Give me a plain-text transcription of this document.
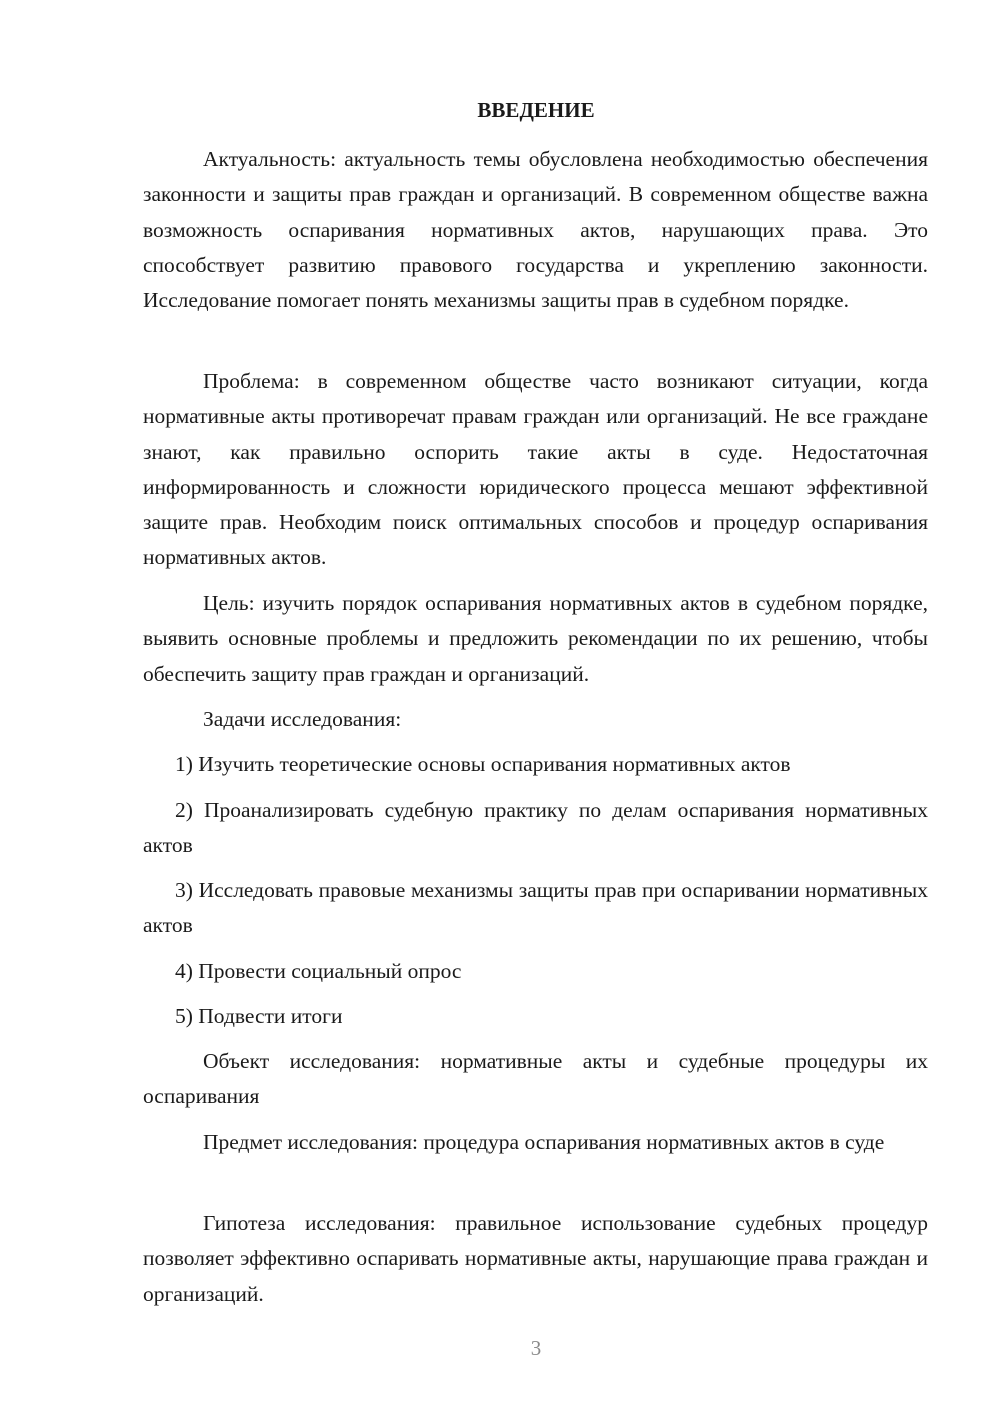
ВВЕДЕНИЕ

Актуальность: актуальность темы обусловлена необходимостью обеспечения законности и защиты прав граждан и организаций. В современном обществе важна возможность оспаривания нормативных актов, нарушающих права. Это способствует развитию правового государства и укреплению законности. Исследование помогает понять механизмы защиты прав в судебном порядке.

Проблема: в современном обществе часто возникают ситуации, когда нормативные акты противоречат правам граждан или организаций. Не все граждане знают, как правильно оспорить такие акты в суде. Недостаточная информированность и сложности юридического процесса мешают эффективной защите прав. Необходим поиск оптимальных способов и процедур оспаривания нормативных актов.

Цель: изучить порядок оспаривания нормативных актов в судебном порядке, выявить основные проблемы и предложить рекомендации по их решению, чтобы обеспечить защиту прав граждан и организаций.

Задачи исследования:

1) Изучить теоретические основы оспаривания нормативных актов

2) Проанализировать судебную практику по делам оспаривания нормативных актов

3) Исследовать правовые механизмы защиты прав при оспаривании нормативных актов

4) Провести социальный опрос

5) Подвести итоги

Объект исследования: нормативные акты и судебные процедуры их оспаривания

Предмет исследования: процедура оспаривания нормативных актов в суде

Гипотеза исследования: правильное использование судебных процедур позволяет эффективно оспаривать нормативные акты, нарушающие права граждан и организаций.

3
